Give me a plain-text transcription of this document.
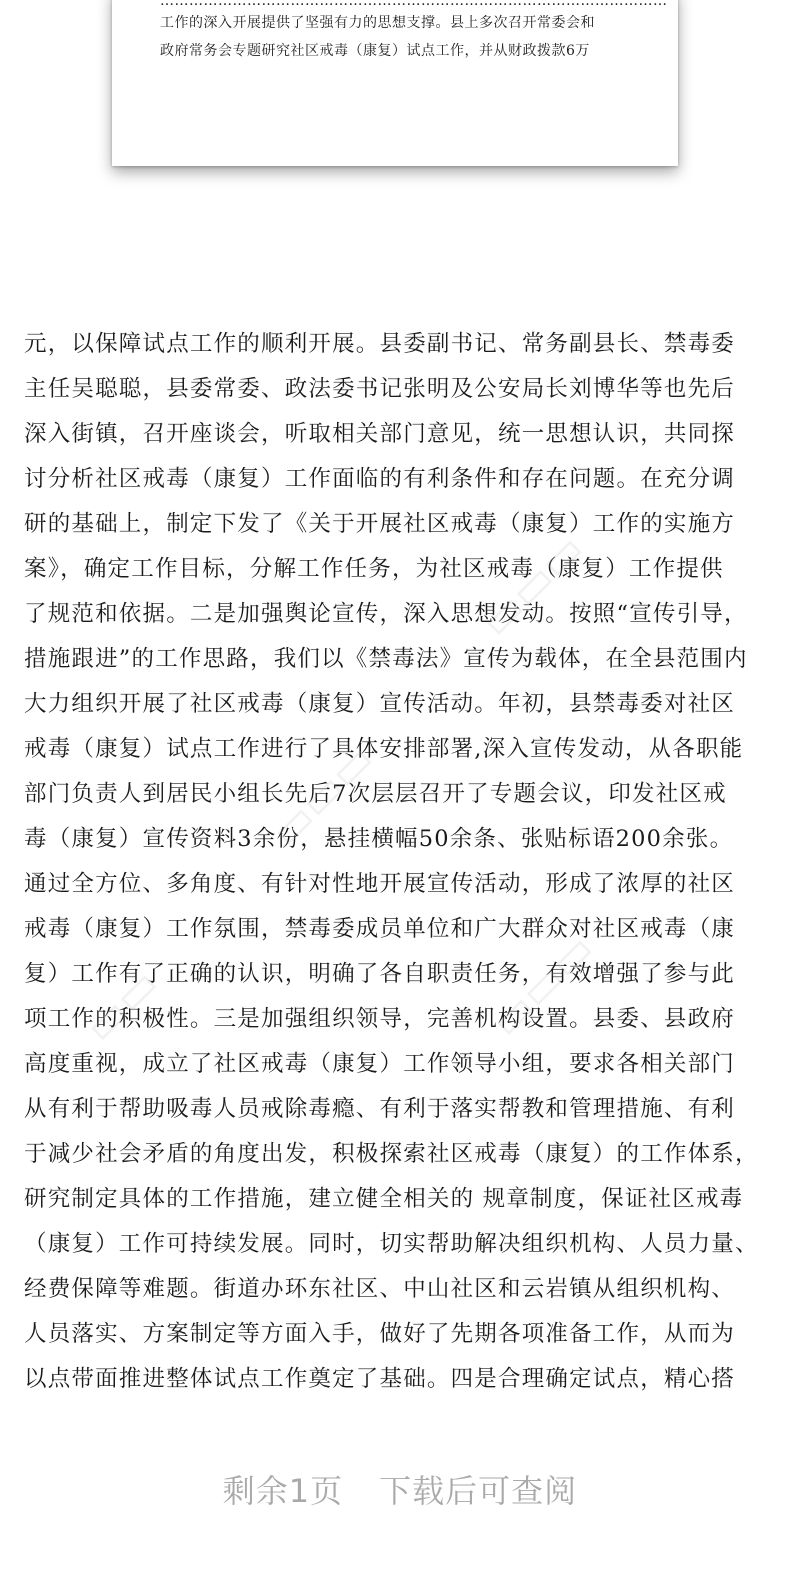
……………………………………………………………………………………………
工作的深入开展提供了坚强有力的思想支撑。县上多次召开常委会和
政府常务会专题研究社区戒毒（康复）试点工作，并从财政拨款6万
元，以保障试点工作的顺利开展。县委副书记、常务副县长、禁毒委
主任吴聪聪，县委常委、政法委书记张明及公安局长刘博华等也先后
深入街镇，召开座谈会，听取相关部门意见，统一思想认识，共同探
讨分析社区戒毒（康复）工作面临的有利条件和存在问题。在充分调
研的基础上，制定下发了《关于开展社区戒毒（康复）工作的实施方
案》，确定工作目标，分解工作任务，为社区戒毒（康复）工作提供
了规范和依据。二是加强舆论宣传，深入思想发动。按照“宣传引导，
措施跟进”的工作思路，我们以《禁毒法》宣传为载体，在全县范围内
大力组织开展了社区戒毒（康复）宣传活动。年初，县禁毒委对社区
戒毒（康复）试点工作进行了具体安排部署,深入宣传发动，从各职能
部门负责人到居民小组长先后7次层层召开了专题会议，印发社区戒
毒（康复）宣传资料3余份，悬挂横幅50余条、张贴标语200余张。
通过全方位、多角度、有针对性地开展宣传活动，形成了浓厚的社区
戒毒（康复）工作氛围，禁毒委成员单位和广大群众对社区戒毒（康
复）工作有了正确的认识，明确了各自职责任务，有效增强了参与此
项工作的积极性。三是加强组织领导，完善机构设置。县委、县政府
高度重视，成立了社区戒毒（康复）工作领导小组，要求各相关部门
从有利于帮助吸毒人员戒除毒瘾、有利于落实帮教和管理措施、有利
于减少社会矛盾的角度出发，积极探索社区戒毒（康复）的工作体系，
研究制定具体的工作措施，建立健全相关的 规章制度，保证社区戒毒
（康复）工作可持续发展。同时，切实帮助解决组织机构、人员力量、
经费保障等难题。街道办环东社区、中山社区和云岩镇从组织机构、
人员落实、方案制定等方面入手，做好了先期各项准备工作，从而为
以点带面推进整体试点工作奠定了基础。四是合理确定试点，精心搭
▭▭▭
▭▭▭
▭▭	▭▭▭
剩余1页 下载后可查阅
